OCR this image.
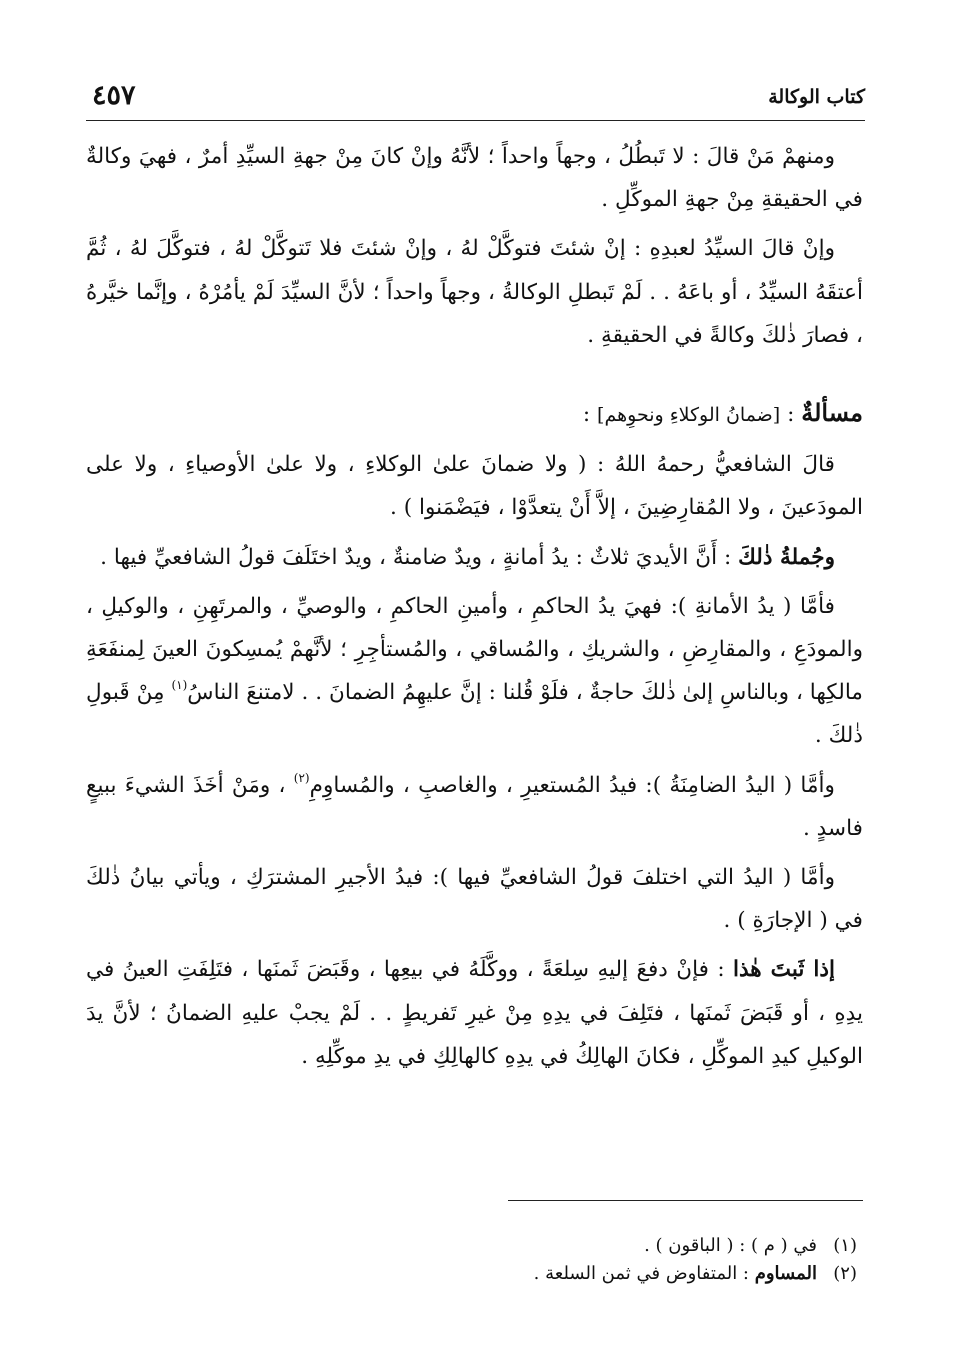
كتاب الوكالة
٤٥٧

ومنهمْ مَنْ قالَ : لا تَبطُلُ ، وجهاً واحداً ؛ لأنَّهُ وإنْ كانَ مِنْ جهةِ السيِّدِ أمرٌ ، فهيَ وكالةٌ في الحقيقةِ مِنْ جهةِ الموكِّلِ .

وإنْ قالَ السيِّدُ لعبدِهِ : إنْ شئتَ فتوكَّلْ لهُ ، وإنْ شئتَ فلا تَتوكَّلْ لهُ ، فتوكَّلَ لهُ ، ثُمَّ أعتقَهُ السيِّدُ ، أو باعَهُ . . لَمْ تَبطلِ الوكالةُ ، وجهاً واحداً ؛ لأنَّ السيِّدَ لَمْ يأمُرْهُ ، وإنَّما خيَّرهُ ، فصارَ ذٰلكَ وكالةً في الحقيقةِ .

مسألةٌ : [ضمانُ الوكلاءِ ونحوِهم] :

قالَ الشافعيُّ رحمهُ اللهُ : ( ولا ضمانَ علىٰ الوكلاءِ ، ولا علىٰ الأوصياءِ ، ولا على المودَعينَ ، ولا المُقارِضِينَ ، إلاَّ أَنْ يتعدَّوْا ، فيَضْمَنوا ) .

وجُملةُ ذٰلكَ : أَنَّ الأيديَ ثلاثٌ : يدُ أمانةٍ ، ويدٌ ضامنةٌ ، ويدٌ اختَلَفَ قولُ الشافعيِّ فيها .

فأمَّا ( يدُ الأمانةِ ): فهيَ يدُ الحاكمِ ، وأمينِ الحاكمِ ، والوصيِّ ، والمرتَهِنِ ، والوكيلِ ، والمودَعِ ، والمقارِضِ ، والشريكِ ، والمُساقي ، والمُستأجِرِ ؛ لأنَّهمْ يُمسِكونَ العينَ لِمنفَعَةِ مالكِها ، وبالناسِ إلىٰ ذٰلكَ حاجةٌ ، فلَوْ قُلنا : إنَّ عليهِمُ الضمانَ . . لامتنعَ الناسُ$^{(١)}$ مِنْ قَبولِ ذٰلكَ .

وأمَّا ( اليدُ الضامِنَةُ ): فيدُ المُستعيرِ ، والغاصبِ ، والمُساوِمِ$^{(٢)}$ ، ومَنْ أخَذَ الشيءَ ببيعٍ فاسدٍ .

وأمَّا ( اليدُ التي اختلفَ قولُ الشافعيِّ فيها ): فيدُ الأجيرِ المشترَكِ ، ويأتي بيانُ ذٰلكَ في ( الإجارَةِ ) .

إذا ثَبتَ هٰذا : فإنْ دفعَ إليهِ سِلعَةً ، ووكَّلَهُ في بيعِها ، وقَبَضَ ثَمنَها ، فتَلِفَتِ العينُ في يدِهِ ، أو قَبَضَ ثَمنَها ، فتَلِفَ في يدِهِ مِنْ غيرِ تَفريطٍ . . لَمْ يجبْ عليهِ الضمانُ ؛ لأنَّ يدَ الوكيلِ كيدِ الموكِّلِ ، فكانَ الهالِكُ في يدِهِ كالهالِكِ في يدِ موكِّلِهِ .

(١)في ( م ) : ( الباقون ) .

(٢)المساوم : المتفاوض في ثمن السلعة .
